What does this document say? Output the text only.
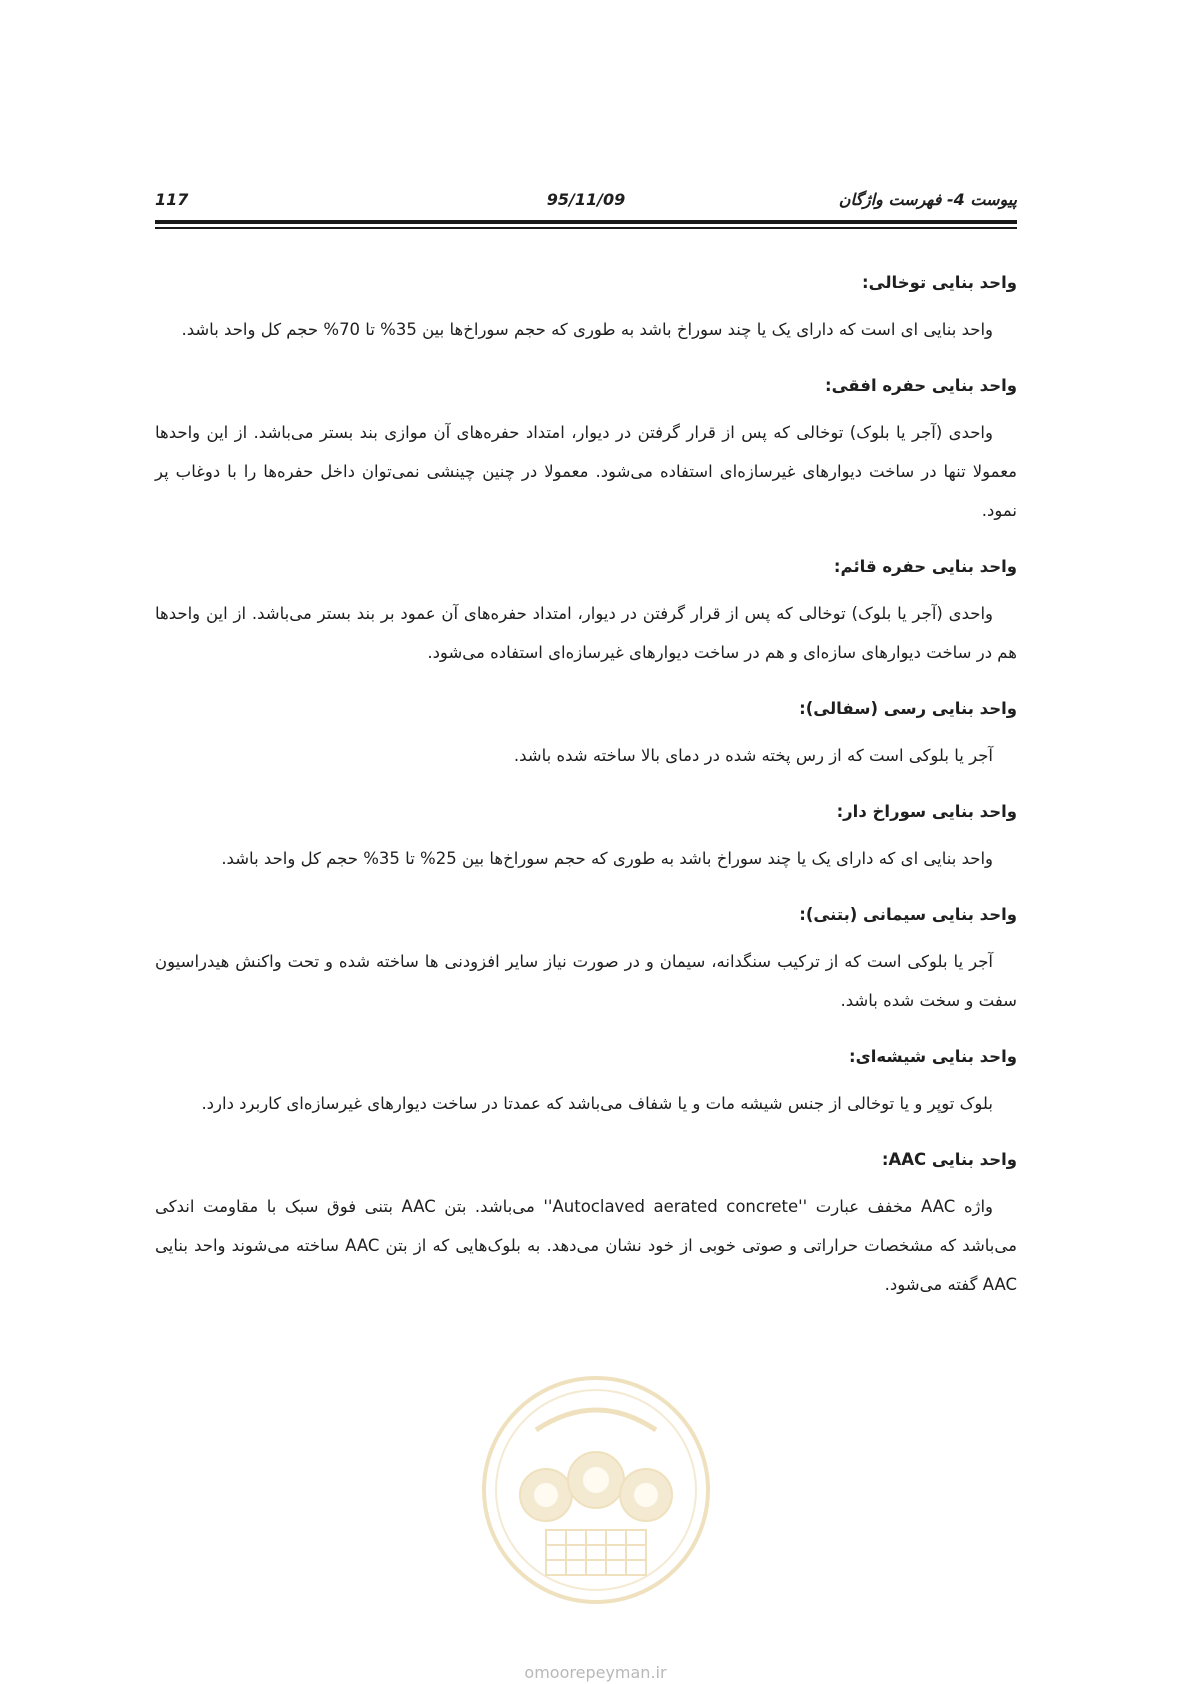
117	95/11/09	پیوست 4- فهرست واژگان
واحد بنایی توخالی:

واحد بنایی ای است که دارای یک یا چند سوراخ باشد به طوری که حجم سوراخ‌ها بین 35% تا 70% حجم کل واحد باشد.

واحد بنایی حفره افقی:

واحدی (آجر یا بلوک) توخالی که پس از قرار گرفتن در دیوار، امتداد حفره‌های آن موازی بند بستر می‌باشد. از این واحدها معمولا تنها در ساخت دیوارهای غیرسازه‌ای استفاده می‌شود. معمولا در چنین چینشی نمی‌توان داخل حفره‌ها را با دوغاب پر نمود.

واحد بنایی حفره قائم:

واحدی (آجر یا بلوک) توخالی که پس از قرار گرفتن در دیوار، امتداد حفره‌های آن عمود بر بند بستر می‌باشد. از این واحدها هم در ساخت دیوارهای سازه‌ای و هم در ساخت دیوارهای غیرسازه‌ای استفاده می‌شود.

واحد بنایی رسی (سفالی):

آجر یا بلوکی است که از رس پخته شده در دمای بالا ساخته شده باشد.

واحد بنایی سوراخ دار:

واحد بنایی ای که دارای یک یا چند سوراخ باشد به طوری که حجم سوراخ‌ها بین 25% تا 35% حجم کل واحد باشد.

واحد بنایی سیمانی (بتنی):

آجر یا بلوکی است که از ترکیب سنگدانه، سیمان و در صورت نیاز سایر افزودنی ها ساخته شده و تحت واکنش هیدراسیون سفت و سخت شده باشد.

واحد بنایی شیشه‌ای:

بلوک توپر و یا توخالی از جنس شیشه مات و یا شفاف می‌باشد که عمدتا در ساخت دیوارهای غیرسازه‌ای کاربرد دارد.

واحد بنایی AAC:

واژه AAC مخفف عبارت ''Autoclaved aerated concrete'' می‌باشد. بتن AAC بتنی فوق سبک با مقاومت اندکی می‌باشد که مشخصات حراراتی و صوتی خوبی از خود نشان می‌دهد. به بلوک‌هایی که از بتن AAC ساخته می‌شوند واحد بنایی AAC گفته می‌شود.

omoorepeyman.ir
